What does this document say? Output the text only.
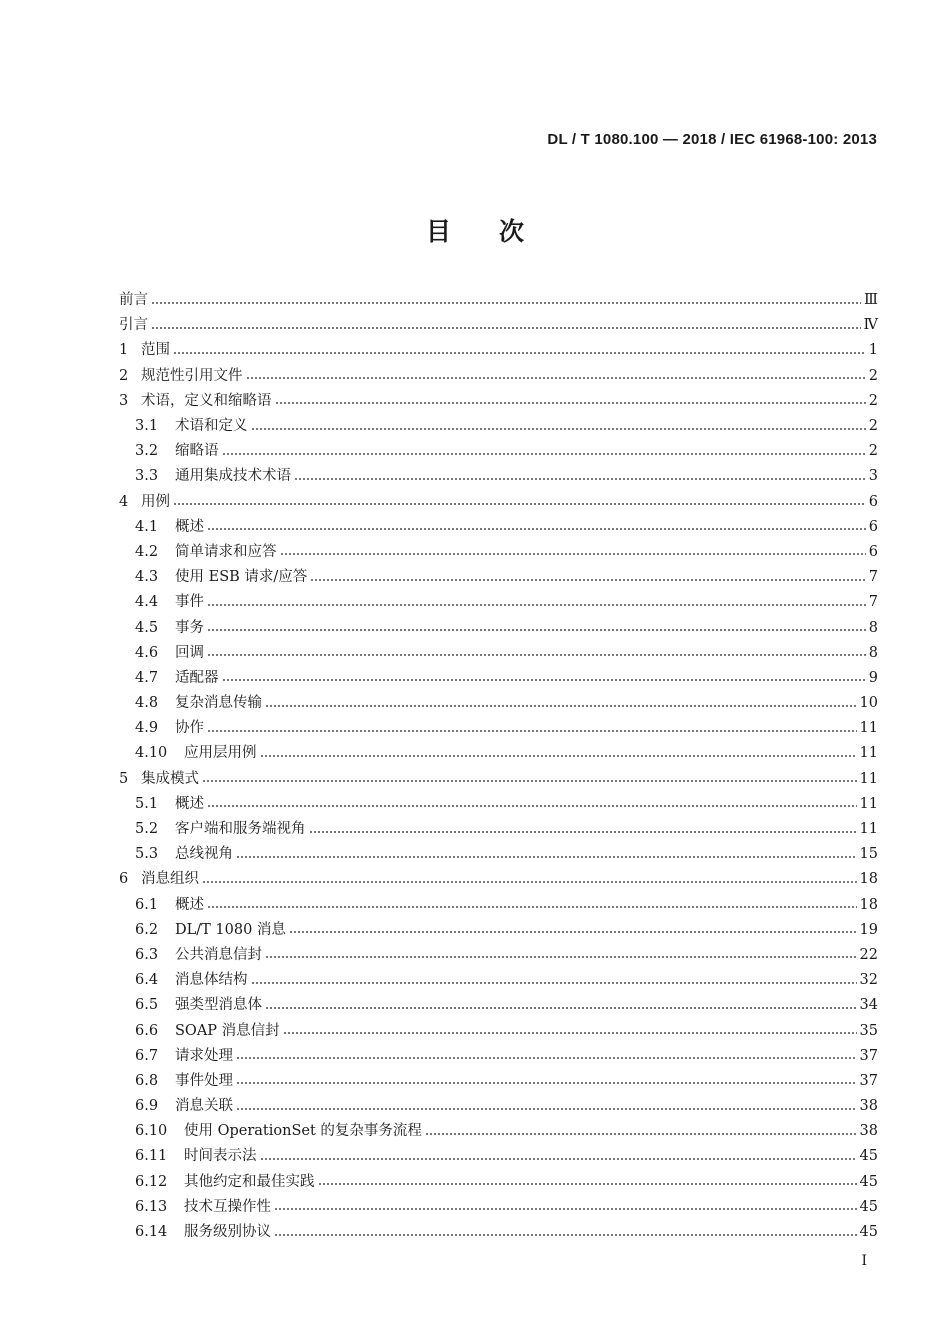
DL / T 1080.100 — 2018 / IEC 61968-100: 2013
目次
前言	Ⅲ
引言	Ⅳ
1 范围	1
2 规范性引用文件	2
3 术语，定义和缩略语	2
3.1	术语和定义	2
3.2	缩略语	2
3.3	通用集成技术术语	3
4 用例	6
4.1	概述	6
4.2	简单请求和应答	6
4.3	使用 ESB 请求/应答	7
4.4	事件	7
4.5	事务	8
4.6	回调	8
4.7	适配器	9
4.8	复杂消息传输	10
4.9	协作	11
4.10	应用层用例	11
5 集成模式	11
5.1	概述	11
5.2	客户端和服务端视角	11
5.3	总线视角	15
6 消息组织	18
6.1	概述	18
6.2	DL/T 1080 消息	19
6.3	公共消息信封	22
6.4	消息体结构	32
6.5	强类型消息体	34
6.6	SOAP 消息信封	35
6.7	请求处理	37
6.8	事件处理	37
6.9	消息关联	38
6.10	使用 OperationSet 的复杂事务流程	38
6.11	时间表示法	45
6.12	其他约定和最佳实践	45
6.13	技术互操作性	45
6.14	服务级别协议	45
I
